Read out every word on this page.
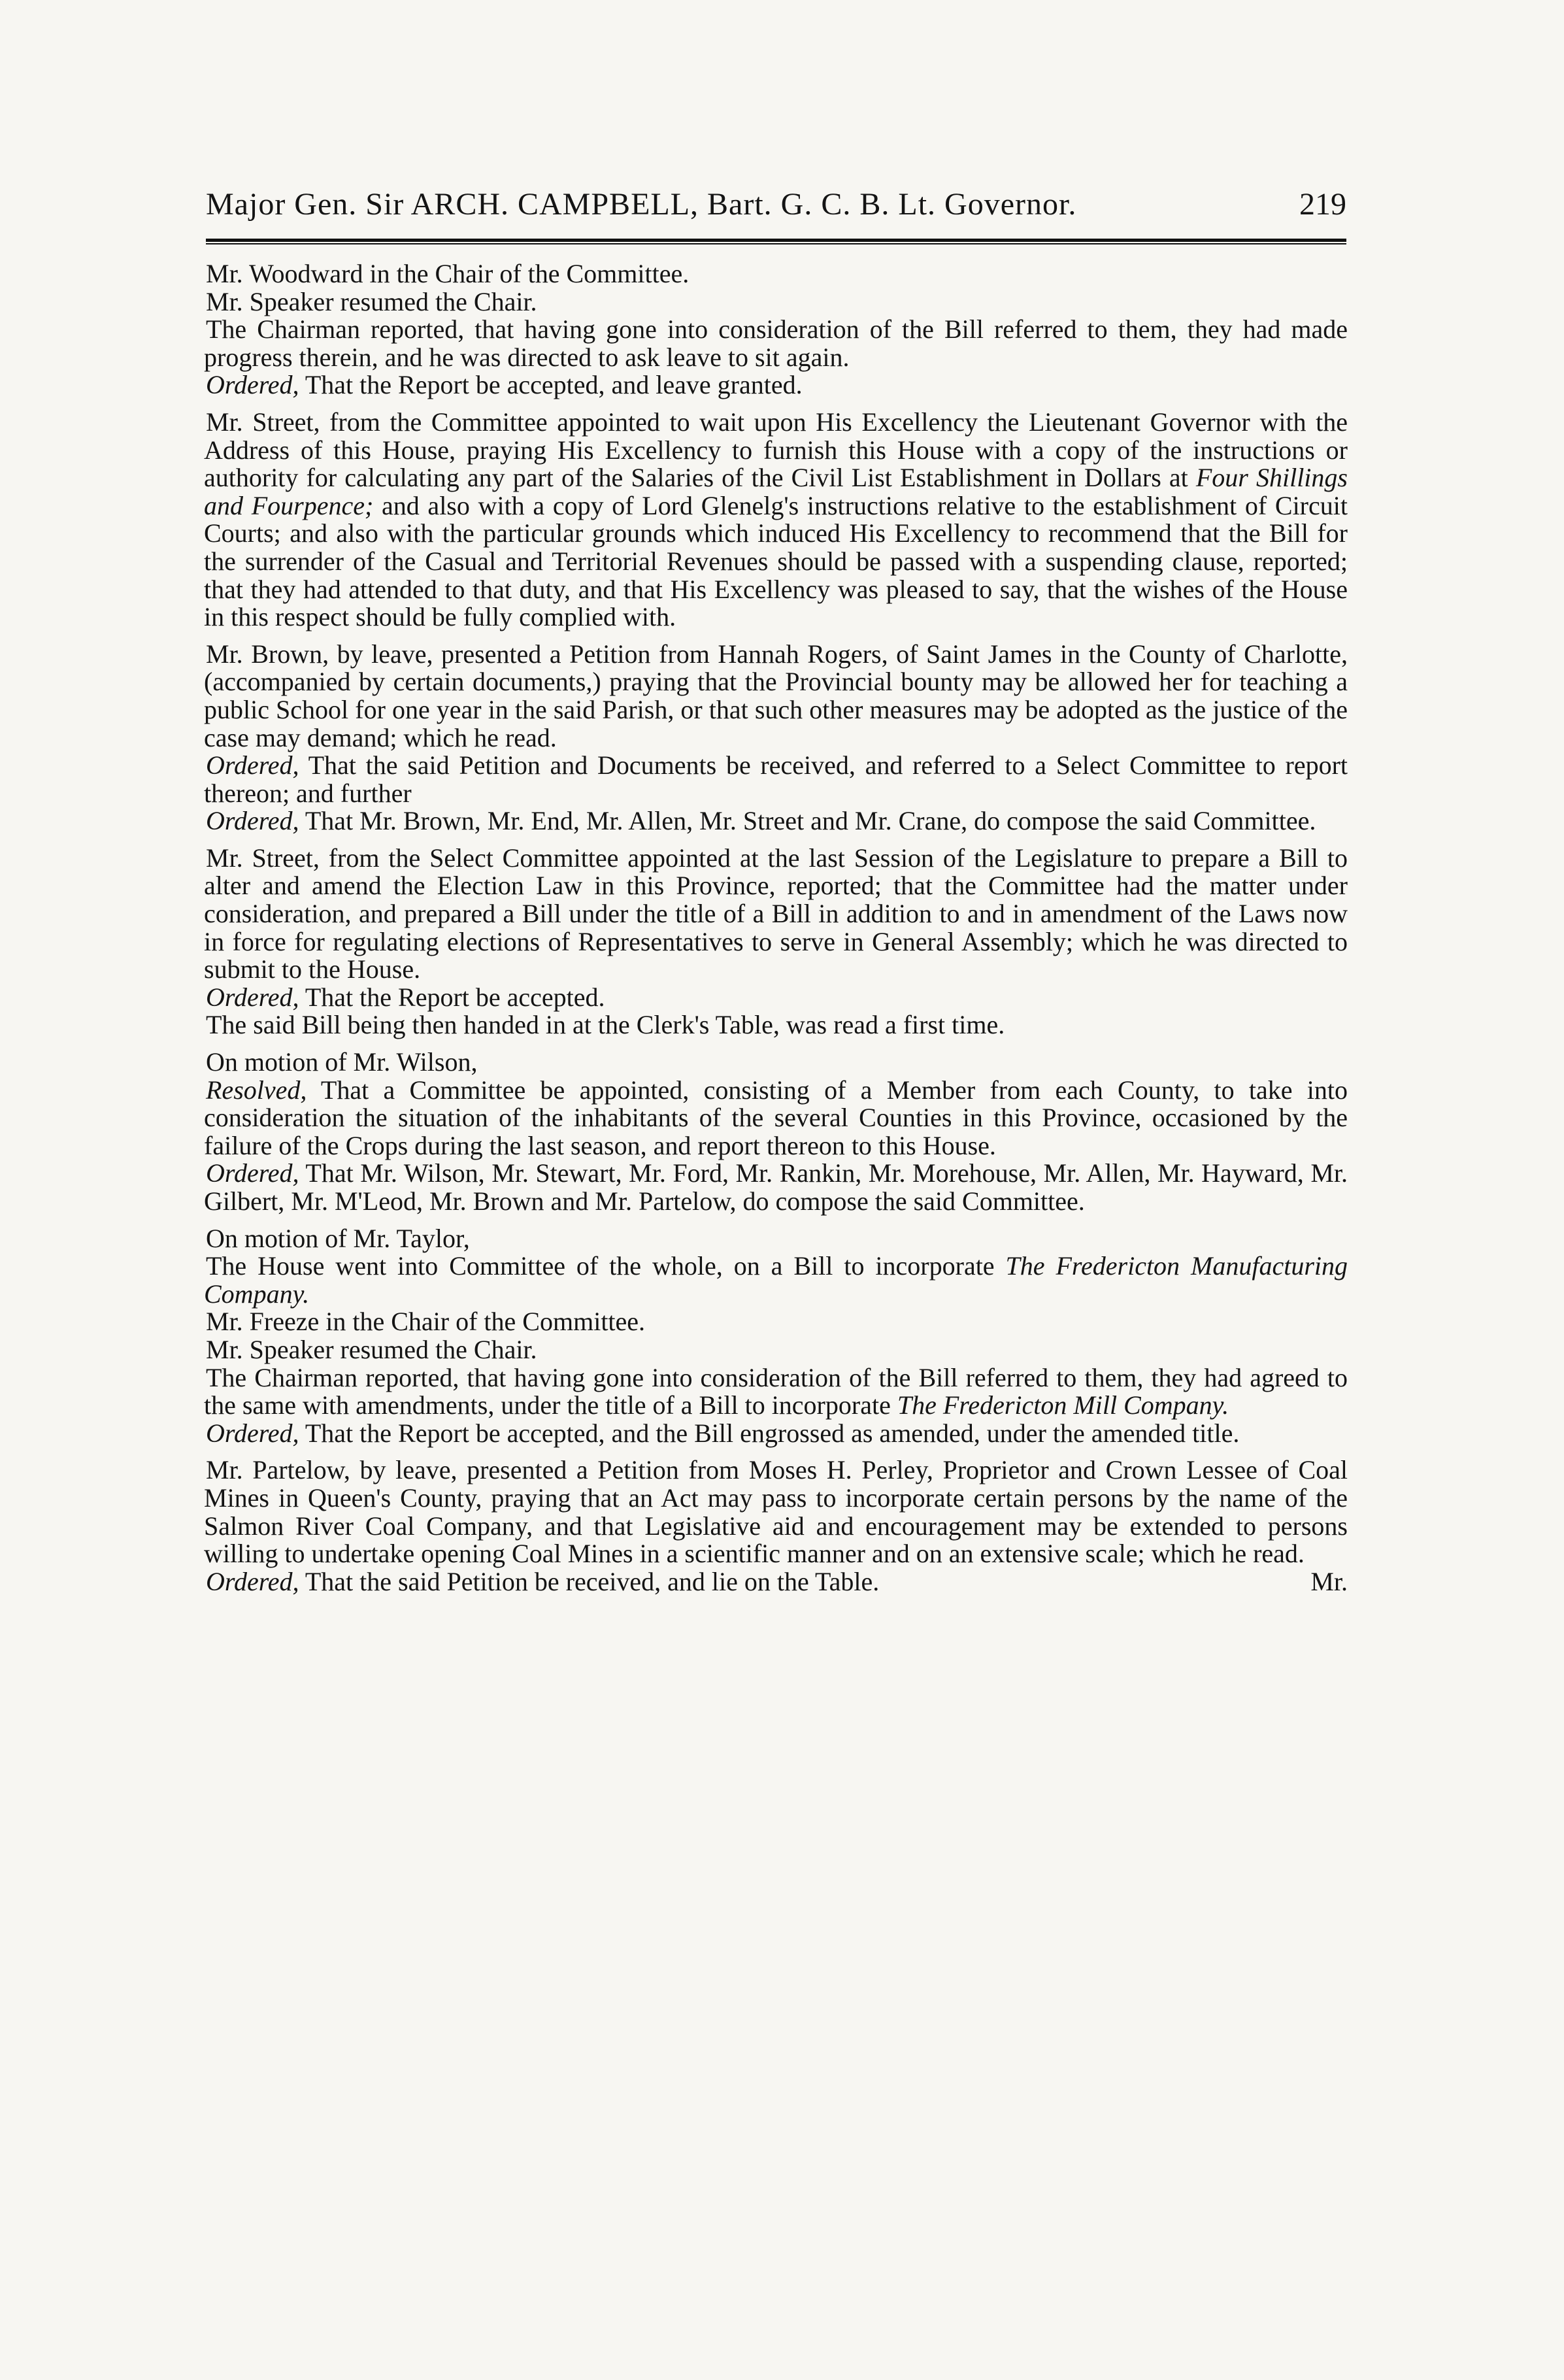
Major Gen. Sir ARCH. CAMPBELL, Bart. G. C. B. Lt. Governor.	219

Mr. Woodward in the Chair of the Committee.

Mr. Speaker resumed the Chair.

The Chairman reported, that having gone into consideration of the Bill referred to them, they had made progress therein, and he was directed to ask leave to sit again.

Ordered, That the Report be accepted, and leave granted.

Mr. Street, from the Committee appointed to wait upon His Excellency the Lieutenant Governor with the Address of this House, praying His Excellency to furnish this House with a copy of the instructions or authority for calculating any part of the Salaries of the Civil List Establishment in Dollars at Four Shillings and Fourpence; and also with a copy of Lord Glenelg's instructions relative to the establishment of Circuit Courts; and also with the particular grounds which induced His Excellency to recommend that the Bill for the surrender of the Casual and Territorial Revenues should be passed with a suspending clause, reported; that they had attended to that duty, and that His Excellency was pleased to say, that the wishes of the House in this respect should be fully complied with.

Mr. Brown, by leave, presented a Petition from Hannah Rogers, of Saint James in the County of Charlotte, (accompanied by certain documents,) praying that the Provincial bounty may be allowed her for teaching a public School for one year in the said Parish, or that such other measures may be adopted as the justice of the case may demand; which he read.

Ordered, That the said Petition and Documents be received, and referred to a Select Committee to report thereon; and further

Ordered, That Mr. Brown, Mr. End, Mr. Allen, Mr. Street and Mr. Crane, do compose the said Committee.

Mr. Street, from the Select Committee appointed at the last Session of the Legislature to prepare a Bill to alter and amend the Election Law in this Province, reported; that the Committee had the matter under consideration, and prepared a Bill under the title of a Bill in addition to and in amendment of the Laws now in force for regulating elections of Representatives to serve in General Assembly; which he was directed to submit to the House.

Ordered, That the Report be accepted.

The said Bill being then handed in at the Clerk's Table, was read a first time.

On motion of Mr. Wilson,

Resolved, That a Committee be appointed, consisting of a Member from each County, to take into consideration the situation of the inhabitants of the several Counties in this Province, occasioned by the failure of the Crops during the last season, and report thereon to this House.

Ordered, That Mr. Wilson, Mr. Stewart, Mr. Ford, Mr. Rankin, Mr. Morehouse, Mr. Allen, Mr. Hayward, Mr. Gilbert, Mr. M'Leod, Mr. Brown and Mr. Partelow, do compose the said Committee.

On motion of Mr. Taylor,

The House went into Committee of the whole, on a Bill to incorporate The Fredericton Manufacturing Company.

Mr. Freeze in the Chair of the Committee.

Mr. Speaker resumed the Chair.

The Chairman reported, that having gone into consideration of the Bill referred to them, they had agreed to the same with amendments, under the title of a Bill to incorporate The Fredericton Mill Company.

Ordered, That the Report be accepted, and the Bill engrossed as amended, under the amended title.

Mr. Partelow, by leave, presented a Petition from Moses H. Perley, Proprietor and Crown Lessee of Coal Mines in Queen's County, praying that an Act may pass to incorporate certain persons by the name of the Salmon River Coal Company, and that Legislative aid and encouragement may be extended to persons willing to undertake opening Coal Mines in a scientific manner and on an extensive scale; which he read.

Ordered, That the said Petition be received, and lie on the Table.	Mr.
